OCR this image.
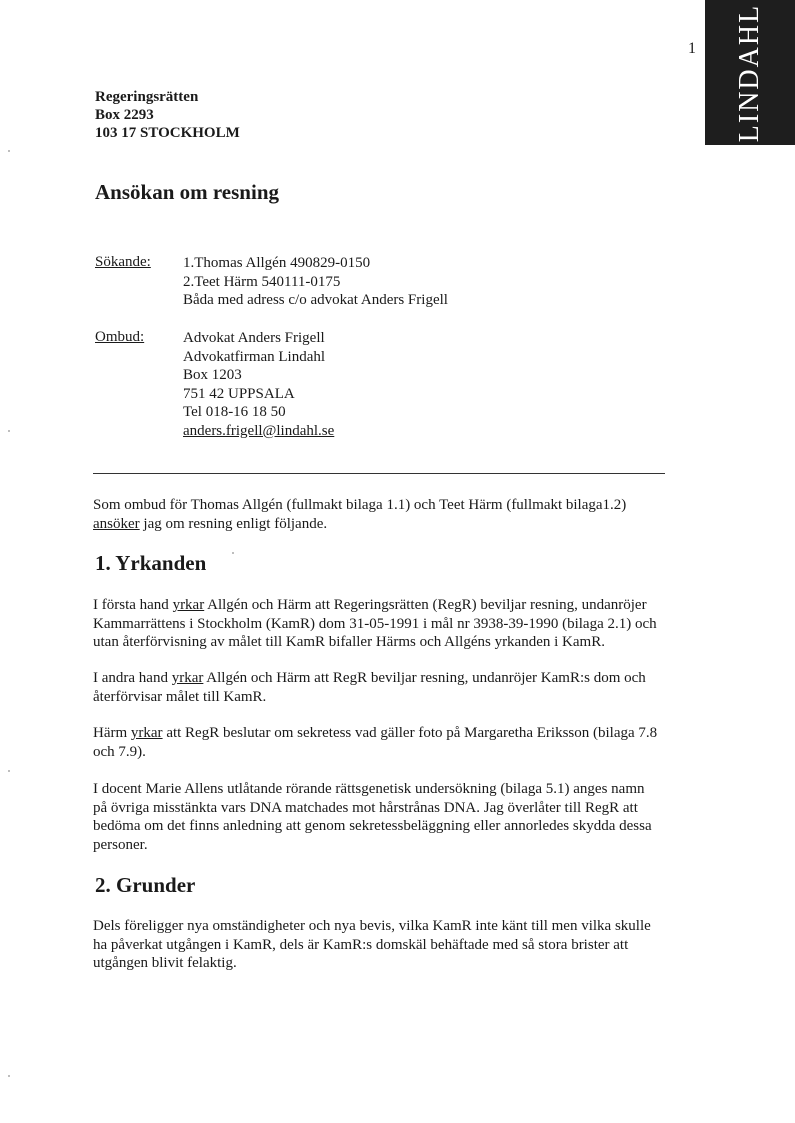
1 LINDAHL
Regeringsrätten
Box 2293
103 17 STOCKHOLM
Ansökan om resning
Sökande: 1.Thomas Allgén 490829-0150
2.Teet Härm 540111-0175
Båda med adress c/o advokat Anders Frigell
Ombud:	Advokat Anders Frigell
Advokatfirman Lindahl
Box 1203
751 42 UPPSALA
Tel 018-16 18 50
anders.frigell@lindahl.se
Som ombud för Thomas Allgén (fullmakt bilaga 1.1) och Teet Härm (fullmakt bilaga1.2)
ansöker jag om resning enligt följande.
1. Yrkanden
I första hand yrkar Allgén och Härm att Regeringsrätten (RegR) beviljar resning, undanröjer
Kammarrättens i Stockholm (KamR) dom 31-05-1991 i mål nr 3938-39-1990 (bilaga 2.1) och
utan återförvisning av målet till KamR bifaller Härms och Allgéns yrkanden i KamR.
I andra hand yrkar Allgén och Härm att RegR beviljar resning, undanröjer KamR:s dom och
återförvisar målet till KamR.
Härm yrkar att RegR beslutar om sekretess vad gäller foto på Margaretha Eriksson (bilaga 7.8
och 7.9).
I docent Marie Allens utlåtande rörande rättsgenetisk undersökning (bilaga 5.1) anges namn
på övriga misstänkta vars DNA matchades mot hårstrånas DNA. Jag överlåter till RegR att
bedöma om det finns anledning att genom sekretessbeläggning eller annorledes skydda dessa
personer.
2. Grunder
Dels föreligger nya omständigheter och nya bevis, vilka KamR inte känt till men vilka skulle
ha påverkat utgången i KamR, dels är KamR:s domskäl behäftade med så stora brister att
utgången blivit felaktig.
